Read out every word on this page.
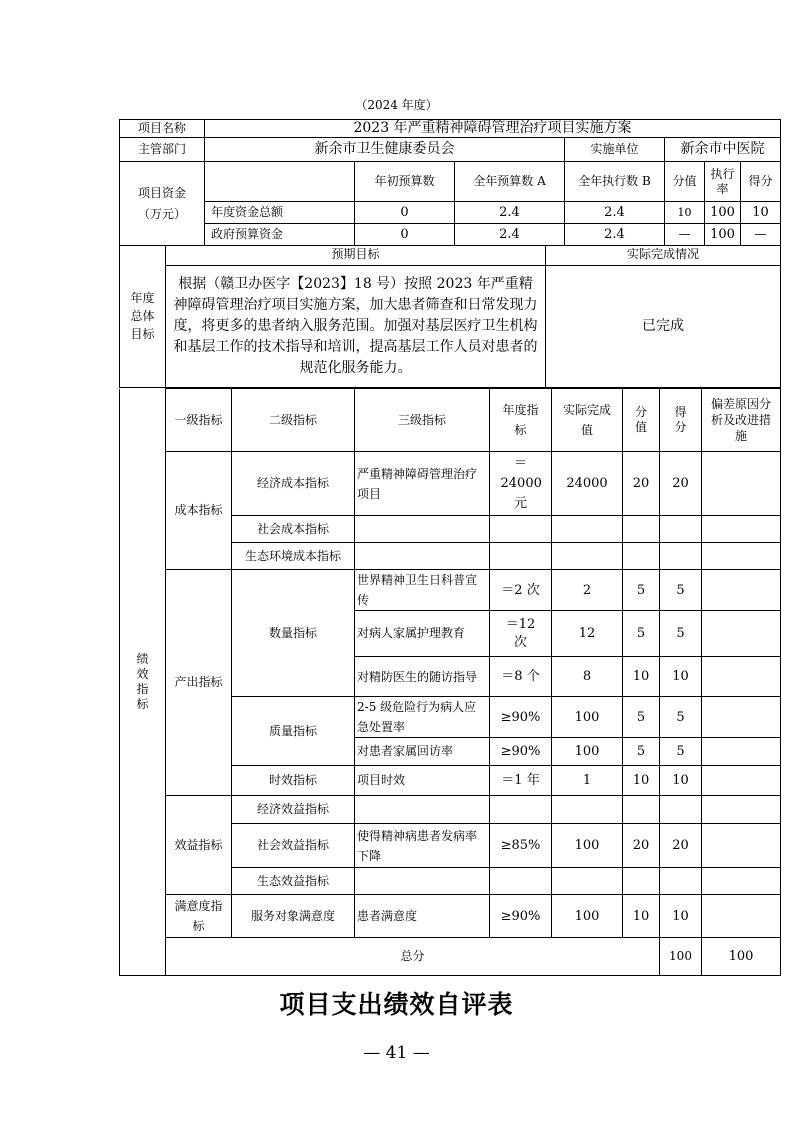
（2024 年度）
项目名称	2023 年严重精神障碍管理治疗项目实施方案						
主管部门	新余市卫生健康委员会			实施单位	新余市中医院		

项目资金
（万元）		年初预算数	全年预算数 A	全年执行数 B	分值	执行率	得分
	年度资金总额	0	2.4	2.4	10	100	10
	政府预算资金	0	2.4	2.4	—	100	—
年度总体目标	预期目标	实际完成情况
	根据（赣卫办医字【2023】18 号）按照 2023 年严重精神障碍管理治疗项目实施方案，加大患者筛查和日常发现力度，将更多的患者纳入服务范围。加强对基层医疗卫生机构和基层工作的技术指导和培训，提高基层工作人员对患者的规范化服务能力。	已完成
绩效指标	一级指标	二级指标	三级指标	年度指标	实际完成值	分值	得分	偏差原因分析及改进措施	

	成本指标	经济成本指标	严重精神障碍管理治疗项目	＝24000元	24000	20	20		
		社会成本指标							
		生态环境成本指标							
	产出指标	数量指标	世界精神卫生日科普宣传	＝2 次	2	5	5		
			对病人家属护理教育	＝12次	12	5	5		
			对精防医生的随访指导	＝8 个	8	10	10		
		质量指标	2-5 级危险行为病人应急处置率	≥90%	100	5	5		
			对患者家属回访率	≥90%	100	5	5		
		时效指标	项目时效	＝1 年	1	10	10		
	效益指标	经济效益指标							
		社会效益指标	使得精神病患者发病率下降	≥85%	100	20	20		
		生态效益指标							

	满意度指标	服务对象满意度	患者满意度	≥90%	100	10	10		
	总分						100	100	
项目支出绩效自评表
— 41 —
